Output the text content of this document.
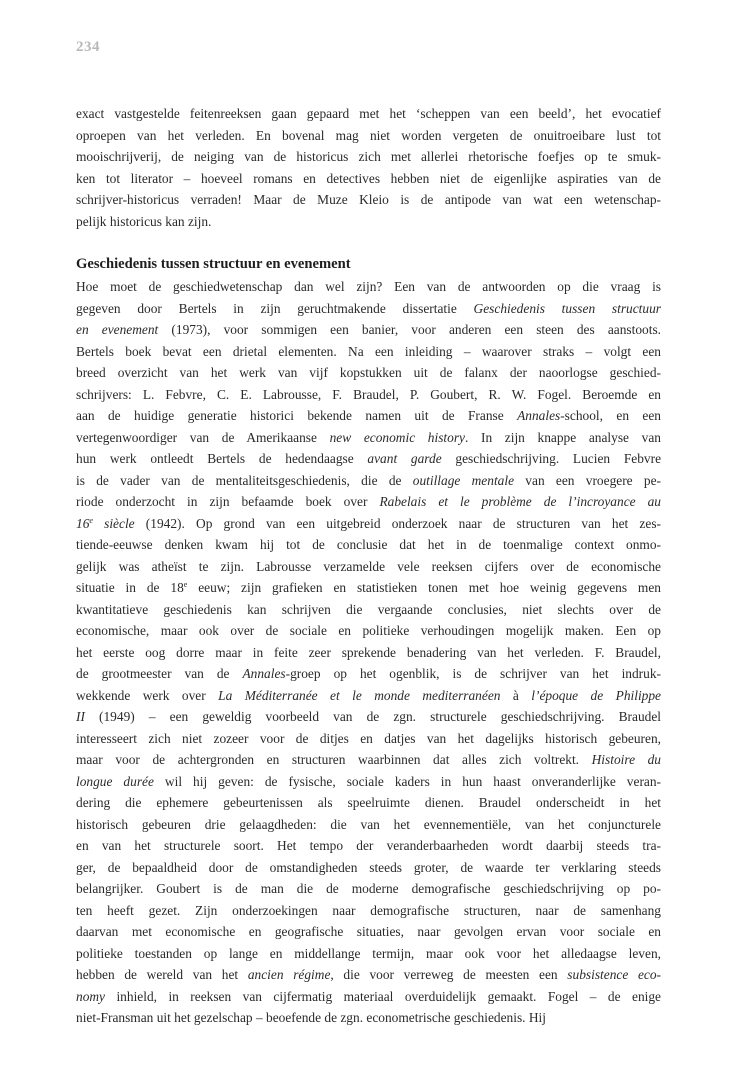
234
exact vastgestelde feitenreeksen gaan gepaard met het ‘scheppen van een beeld’, het evocatief
oproepen van het verleden. En bovenal mag niet worden vergeten de onuitroeibare lust tot
mooischrijverij, de neiging van de historicus zich met allerlei rhetorische foefjes op te smuk-
ken tot literator – hoeveel romans en detectives hebben niet de eigenlijke aspiraties van de
schrijver-historicus verraden! Maar de Muze Kleio is de antipode van wat een wetenschap-
pelijk historicus kan zijn.
Geschiedenis tussen structuur en evenement
Hoe moet de geschiedwetenschap dan wel zijn? Een van de antwoorden op die vraag is
gegeven door Bertels in zijn geruchtmakende dissertatie Geschiedenis tussen structuur
en evenement (1973), voor sommigen een banier, voor anderen een steen des aanstoots.
Bertels boek bevat een drietal elementen. Na een inleiding – waarover straks – volgt een
breed overzicht van het werk van vijf kopstukken uit de falanx der naoorlogse geschied-
schrijvers: L. Febvre, C. E. Labrousse, F. Braudel, P. Goubert, R. W. Fogel. Beroemde en
aan de huidige generatie historici bekende namen uit de Franse Annales-school, en een
vertegenwoordiger van de Amerikaanse new economic history. In zijn knappe analyse van
hun werk ontleedt Bertels de hedendaagse avant garde geschiedschrijving. Lucien Febvre
is de vader van de mentaliteitsgeschiedenis, die de outillage mentale van een vroegere pe-
riode onderzocht in zijn befaamde boek over Rabelais et le problème de l’incroyance au
16e siècle (1942). Op grond van een uitgebreid onderzoek naar de structuren van het zes-
tiende-eeuwse denken kwam hij tot de conclusie dat het in de toenmalige context onmo-
gelijk was atheïst te zijn. Labrousse verzamelde vele reeksen cijfers over de economische
situatie in de 18e eeuw; zijn grafieken en statistieken tonen met hoe weinig gegevens men
kwantitatieve geschiedenis kan schrijven die vergaande conclusies, niet slechts over de
economische, maar ook over de sociale en politieke verhoudingen mogelijk maken. Een op
het eerste oog dorre maar in feite zeer sprekende benadering van het verleden. F. Braudel,
de grootmeester van de Annales-groep op het ogenblik, is de schrijver van het indruk-
wekkende werk over La Méditerranée et le monde mediterranéen à l’époque de Philippe
II (1949) – een geweldig voorbeeld van de zgn. structurele geschiedschrijving. Braudel
interesseert zich niet zozeer voor de ditjes en datjes van het dagelijks historisch gebeuren,
maar voor de achtergronden en structuren waarbinnen dat alles zich voltrekt. Histoire du
longue durée wil hij geven: de fysische, sociale kaders in hun haast onveranderlijke veran-
dering die ephemere gebeurtenissen als speelruimte dienen. Braudel onderscheidt in het
historisch gebeuren drie gelaagdheden: die van het evennementiële, van het conjuncturele
en van het structurele soort. Het tempo der veranderbaarheden wordt daarbij steeds tra-
ger, de bepaaldheid door de omstandigheden steeds groter, de waarde ter verklaring steeds
belangrijker. Goubert is de man die de moderne demografische geschiedschrijving op po-
ten heeft gezet. Zijn onderzoekingen naar demografische structuren, naar de samenhang
daarvan met economische en geografische situaties, naar gevolgen ervan voor sociale en
politieke toestanden op lange en middellange termijn, maar ook voor het alledaagse leven,
hebben de wereld van het ancien régime, die voor verreweg de meesten een subsistence eco-
nomy inhield, in reeksen van cijfermatig materiaal overduidelijk gemaakt. Fogel – de enige
niet-Fransman uit het gezelschap – beoefende de zgn. econometrische geschiedenis. Hij
